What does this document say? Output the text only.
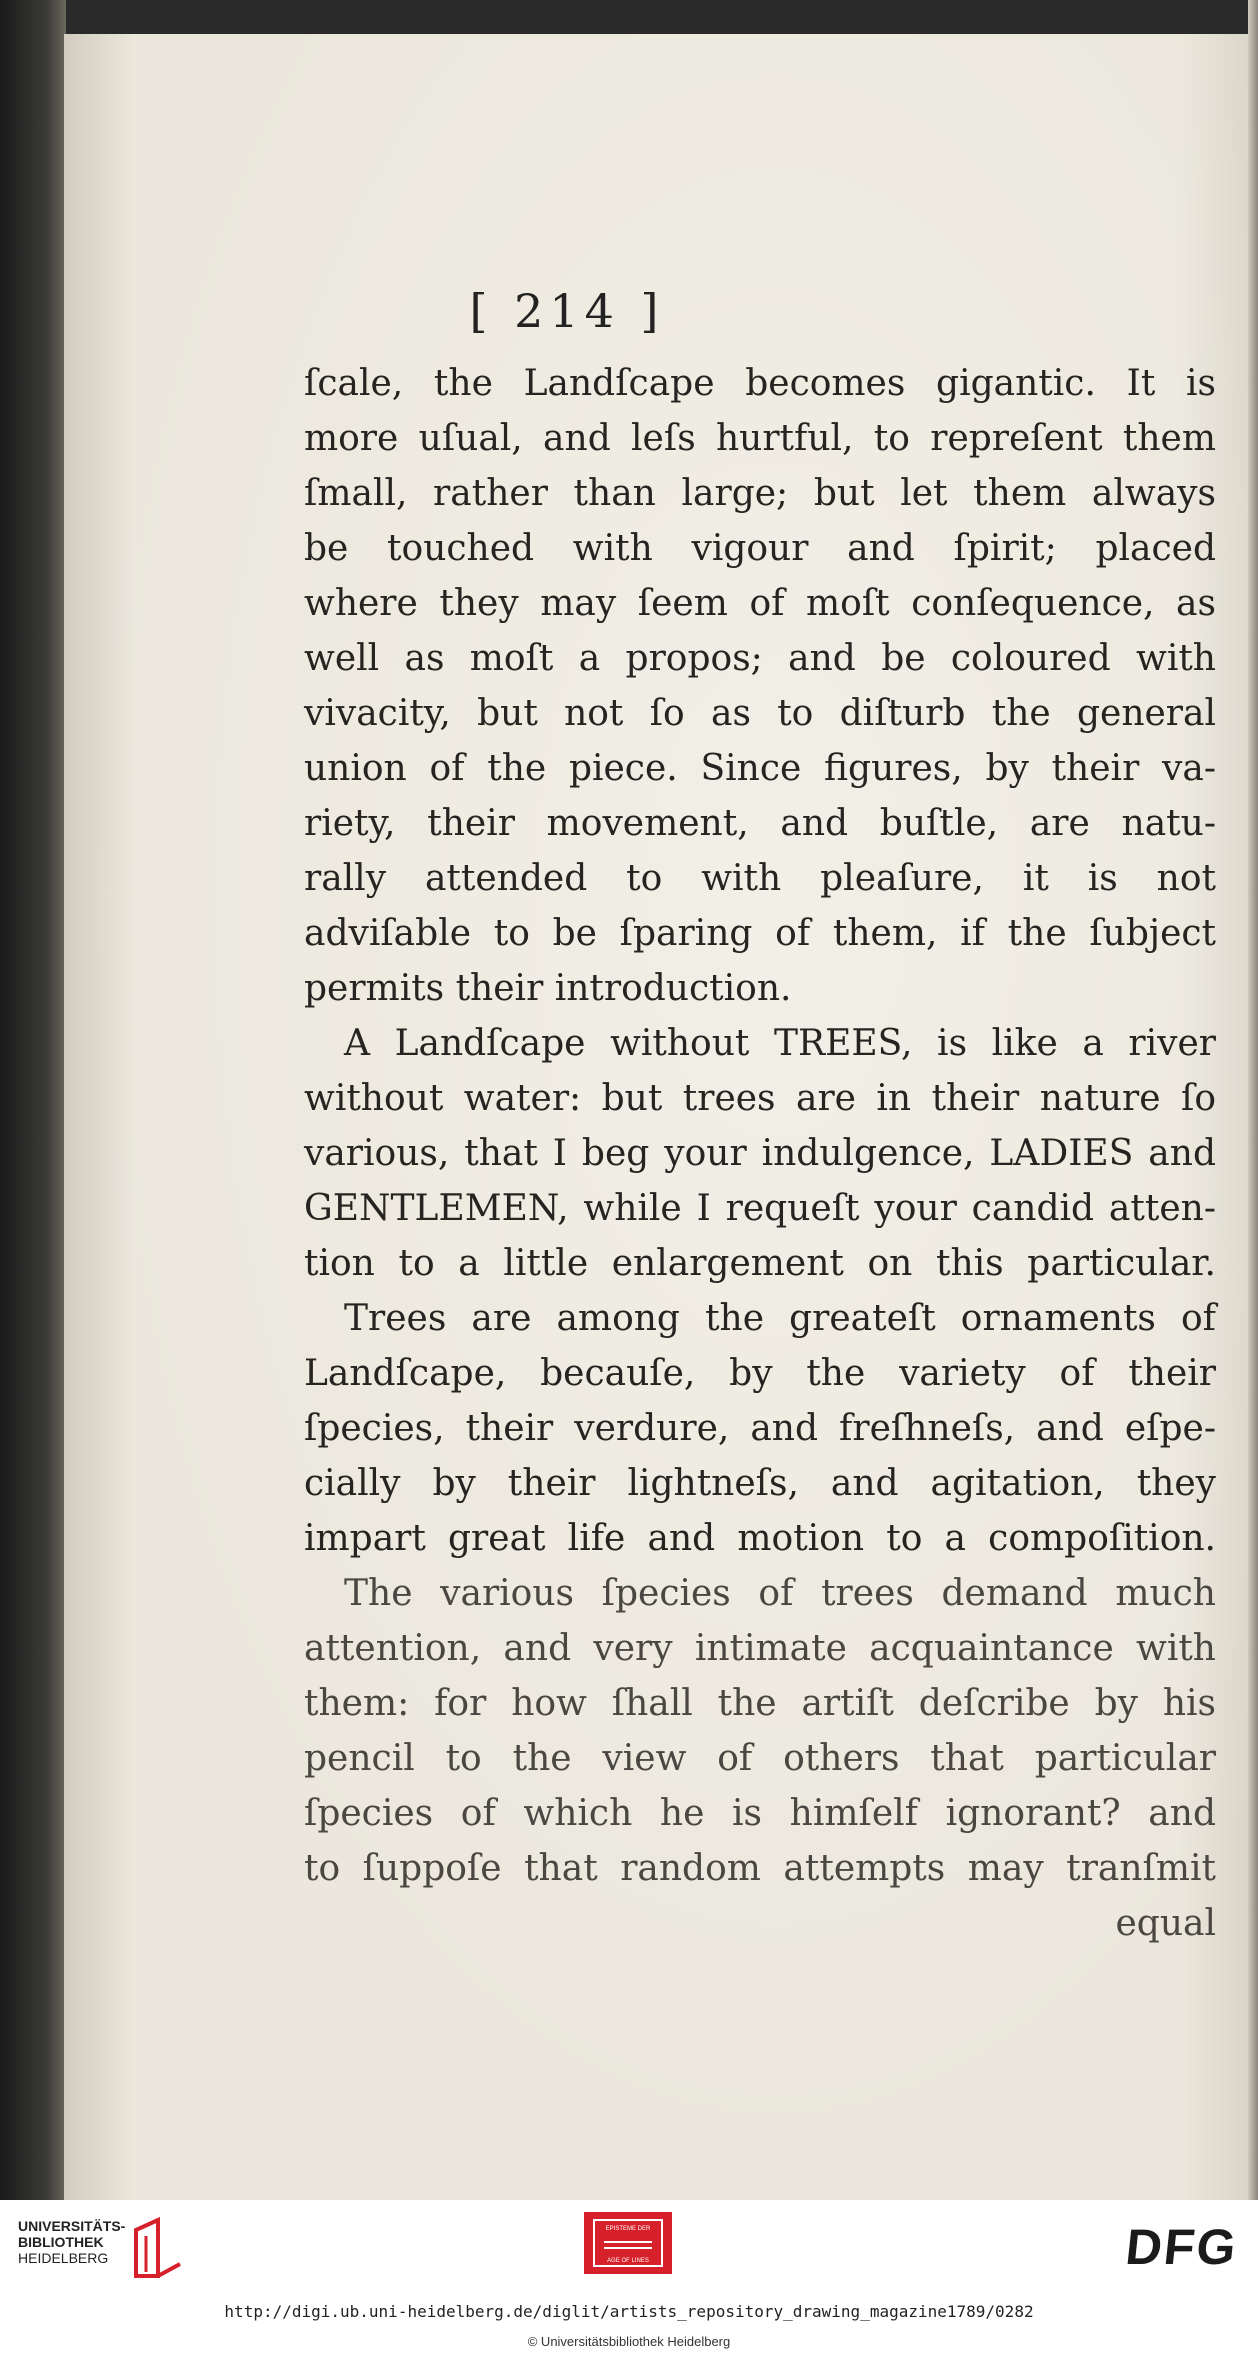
[ 214 ]
ſcale, the Landſcape becomes gigantic. It is
more uſual, and leſs hurtful, to repreſent them
ſmall, rather than large; but let them always
be touched with vigour and ſpirit; placed
where they may ſeem of moſt conſequence, as
well as moſt a propos; and be coloured with
vivacity, but not ſo as to diſturb the general
union of the piece. Since figures, by their va-
riety, their movement, and buſtle, are natu-
rally attended to with pleaſure, it is not
adviſable to be ſparing of them, if the ſubject
permits their introduction.
A Landſcape without TREES, is like a river
without water: but trees are in their nature ſo
various, that I beg your indulgence, LADIES and
GENTLEMEN, while I requeſt your candid atten-
tion to a little enlargement on this particular.
Trees are among the greateſt ornaments of
Landſcape, becauſe, by the variety of their
ſpecies, their verdure, and freſhneſs, and eſpe-
cially by their lightneſs, and agitation, they
impart great life and motion to a compoſition.
The various ſpecies of trees demand much
attention, and very intimate acquaintance with
them: for how ſhall the artiſt deſcribe by his
pencil to the view of others that particular
ſpecies of which he is himſelf ignorant? and
to ſuppoſe that random attempts may tranſmit
equal
UNIVERSITÄTS-
BIBLIOTHEK
HEIDELBERG
EPISTEME DER
AGE OF LINES	DFG
http://digi.ub.uni-heidelberg.de/diglit/artists_repository_drawing_magazine1789/0282
© Universitätsbibliothek Heidelberg
